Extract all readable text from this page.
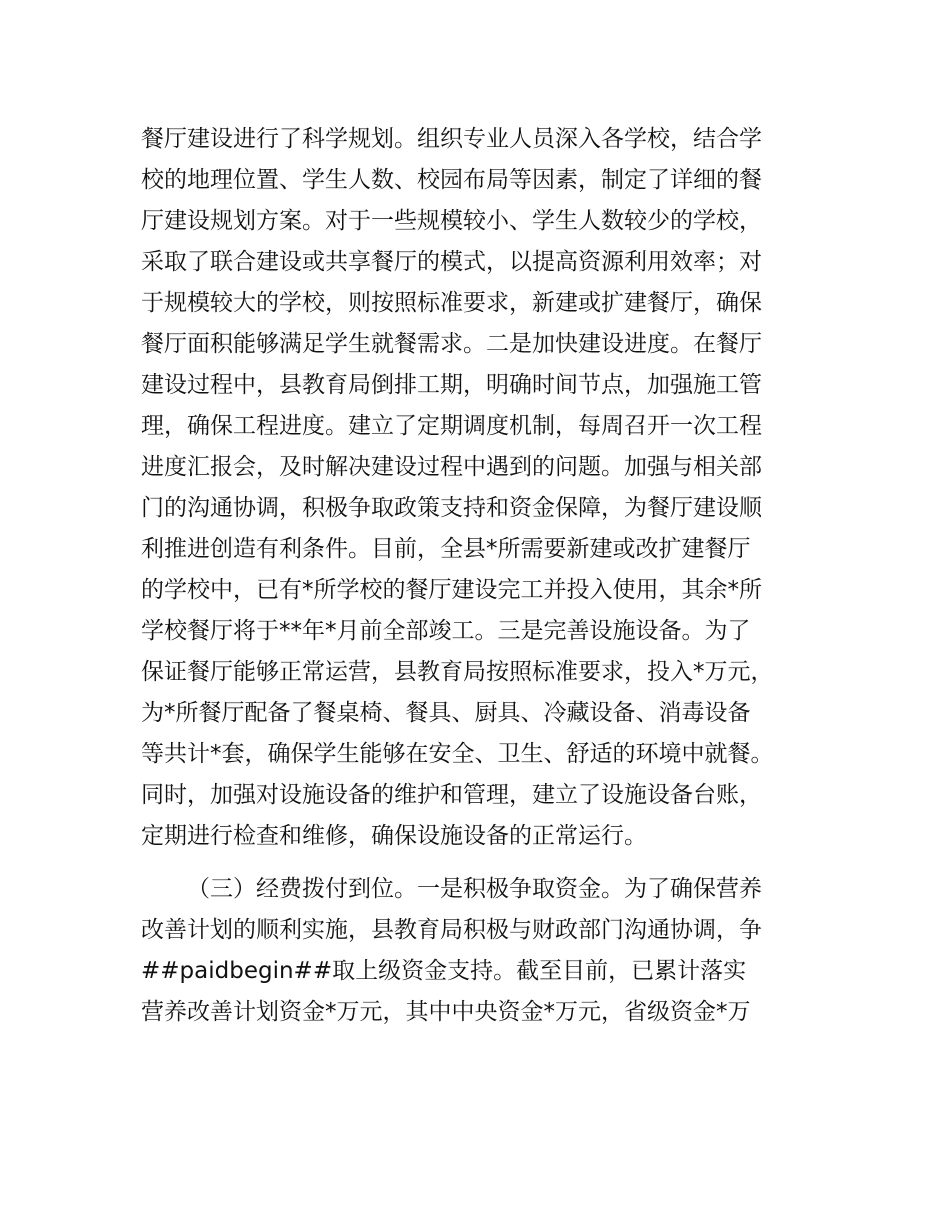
餐厅建设进行了科学规划。组织专业人员深入各学校，结合学
校的地理位置、学生人数、校园布局等因素，制定了详细的餐
厅建设规划方案。对于一些规模较小、学生人数较少的学校，
采取了联合建设或共享餐厅的模式，以提高资源利用效率；对
于规模较大的学校，则按照标准要求，新建或扩建餐厅，确保
餐厅面积能够满足学生就餐需求。二是加快建设进度。在餐厅
建设过程中，县教育局倒排工期，明确时间节点，加强施工管
理，确保工程进度。建立了定期调度机制，每周召开一次工程
进度汇报会，及时解决建设过程中遇到的问题。加强与相关部
门的沟通协调，积极争取政策支持和资金保障，为餐厅建设顺
利推进创造有利条件。目前，全县*所需要新建或改扩建餐厅
的学校中，已有*所学校的餐厅建设完工并投入使用，其余*所
学校餐厅将于**年*月前全部竣工。三是完善设施设备。为了
保证餐厅能够正常运营，县教育局按照标准要求，投入*万元，
为*所餐厅配备了餐桌椅、餐具、厨具、冷藏设备、消毒设备
等共计*套，确保学生能够在安全、卫生、舒适的环境中就餐。
同时，加强对设施设备的维护和管理，建立了设施设备台账，
定期进行检查和维修，确保设施设备的正常运行。
（三）经费拨付到位。一是积极争取资金。为了确保营养
改善计划的顺利实施，县教育局积极与财政部门沟通协调，争
##paidbegin##取上级资金支持。截至目前，已累计落实
营养改善计划资金*万元，其中中央资金*万元，省级资金*万
